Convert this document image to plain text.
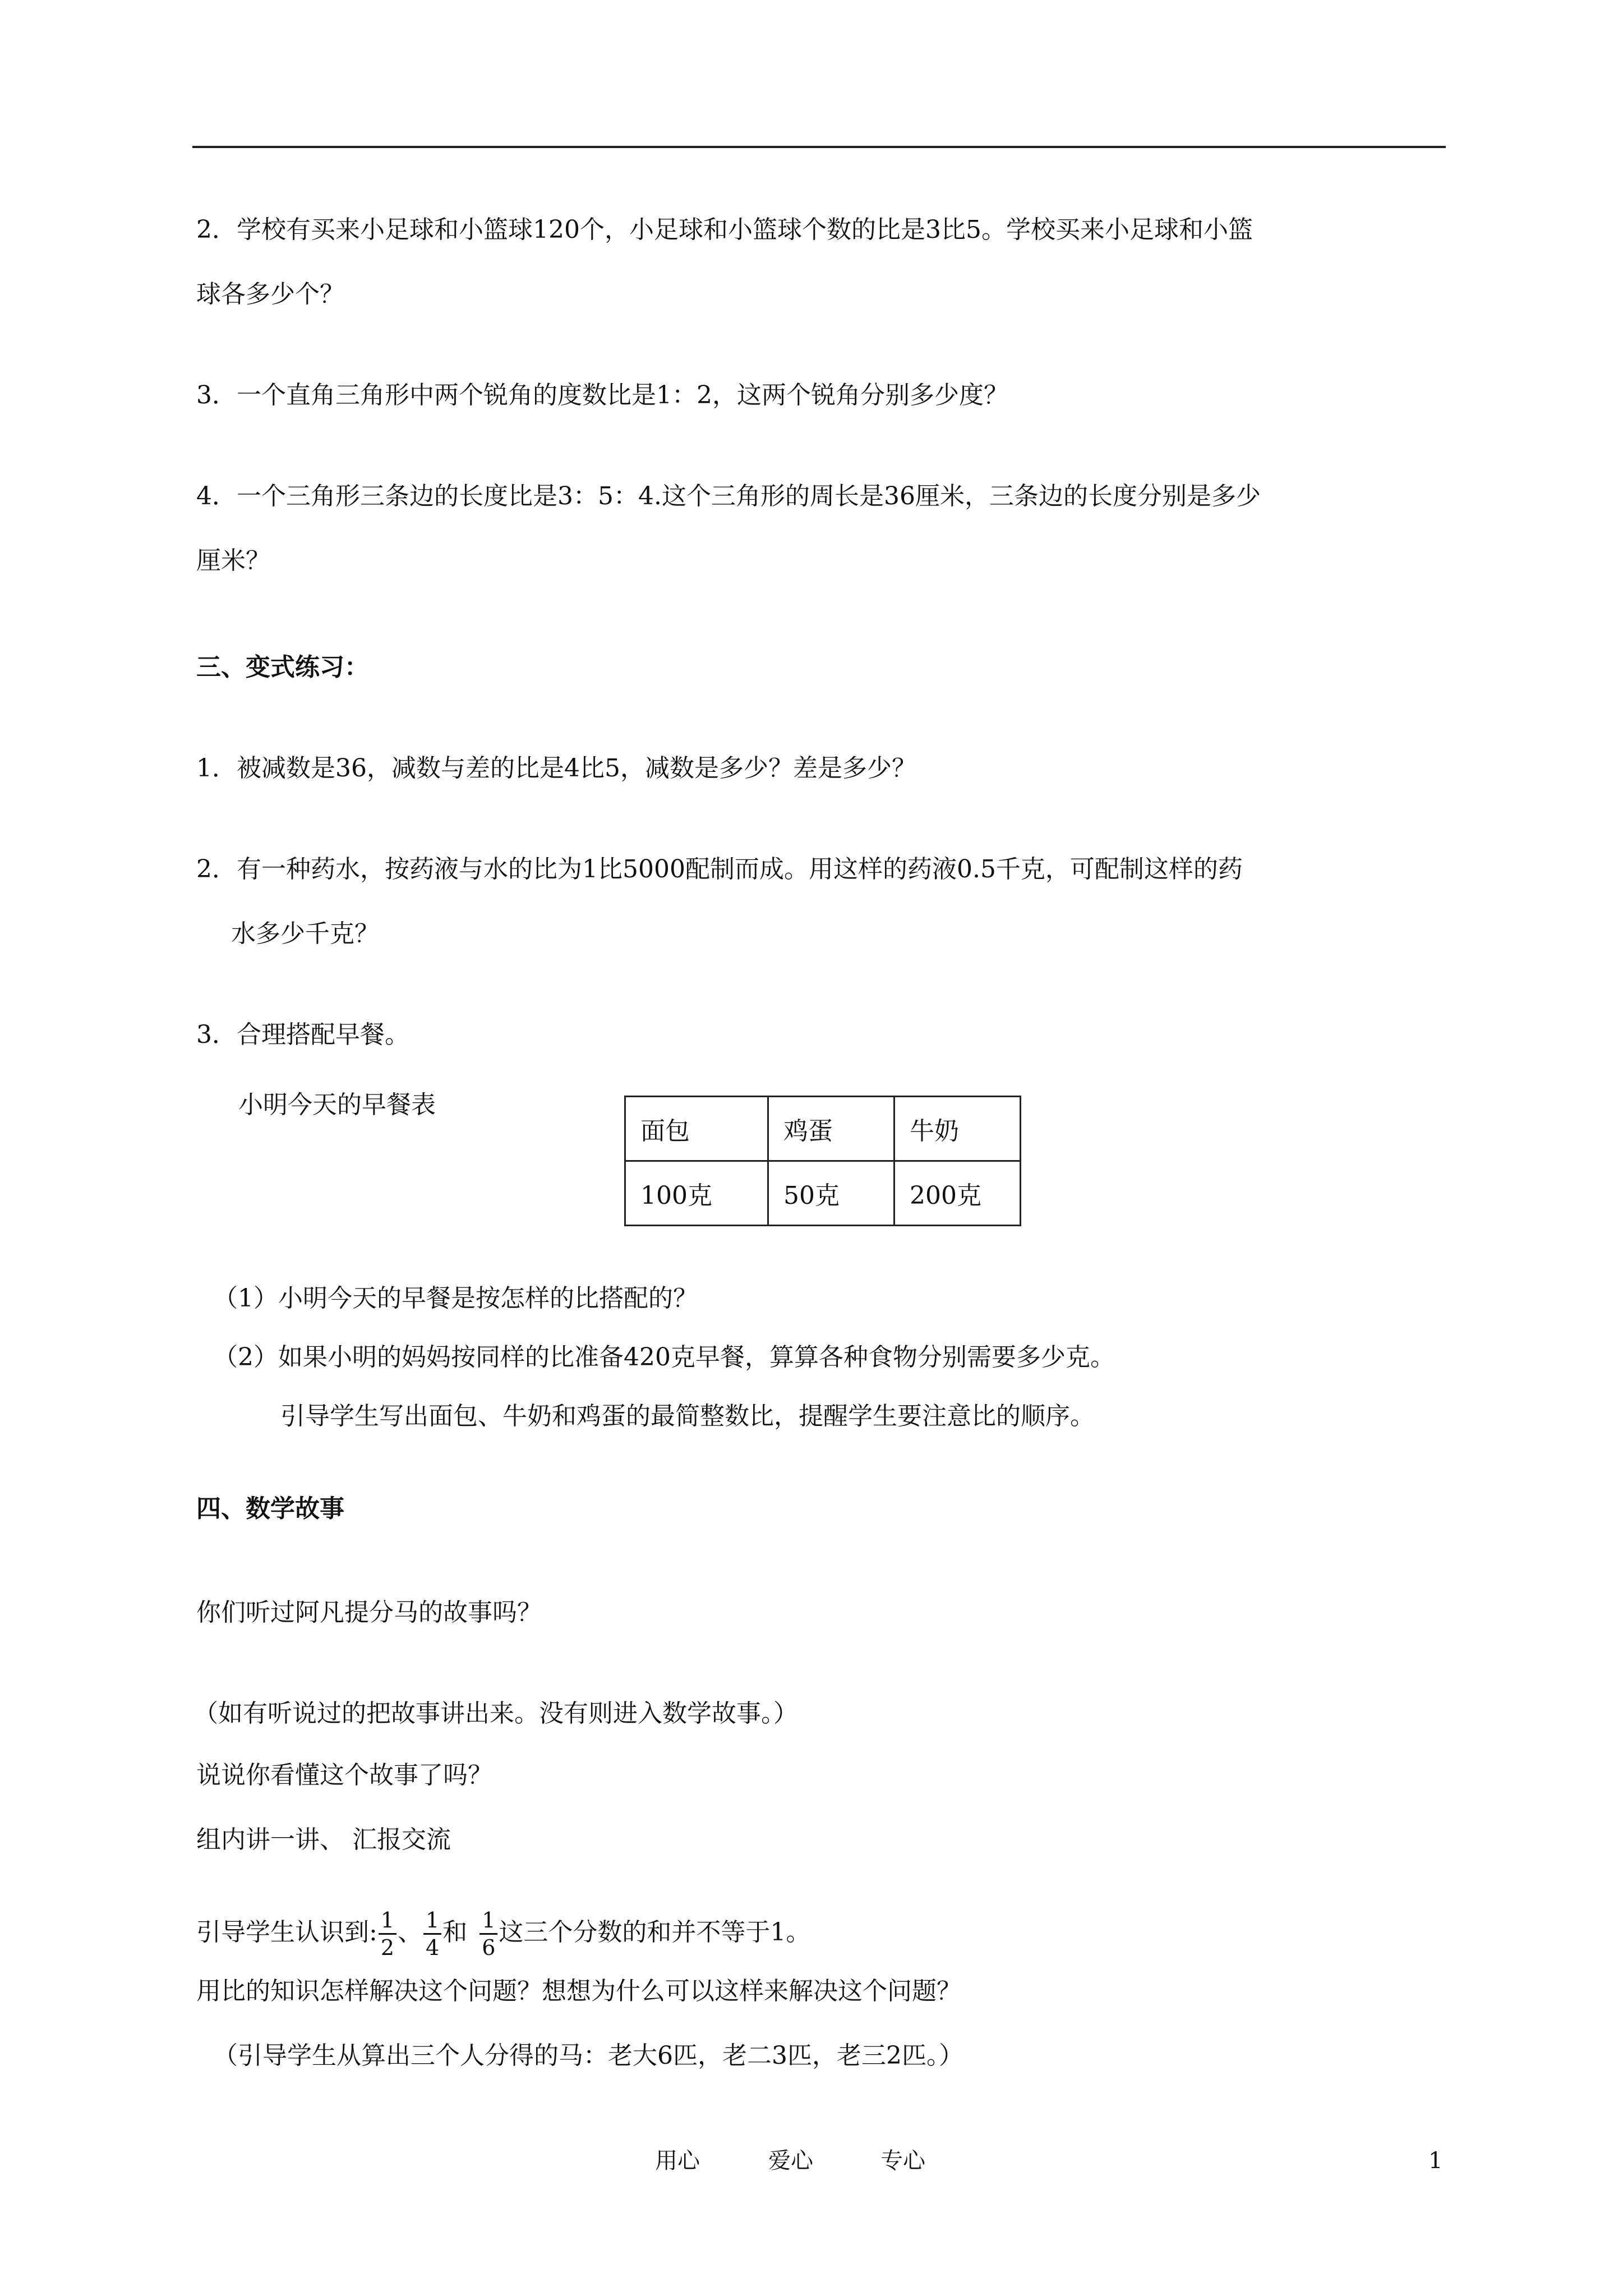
2．学校有买来小足球和小篮球120个，小足球和小篮球个数的比是3比5。学校买来小足球和小篮
球各多少个？
3．一个直角三角形中两个锐角的度数比是1：2，这两个锐角分别多少度？
4．一个三角形三条边的长度比是3：5：4.这个三角形的周长是36厘米，三条边的长度分别是多少
厘米？
三、变式练习：
1．被减数是36，减数与差的比是4比5，减数是多少？差是多少？
2．有一种药水，按药液与水的比为1比5000配制而成。用这样的药液0.5千克，可配制这样的药
水多少千克？
3．合理搭配早餐。
小明今天的早餐表
面包	鸡蛋	牛奶
100克	50克	200克
（1）小明今天的早餐是按怎样的比搭配的？
（2）如果小明的妈妈按同样的比准备420克早餐，算算各种食物分别需要多少克。
引导学生写出面包、牛奶和鸡蛋的最简整数比，提醒学生要注意比的顺序。
四、数学故事
你们听过阿凡提分马的故事吗？
（如有听说过的把故事讲出来。没有则进入数学故事。）
说说你看懂这个故事了吗？
组内讲一讲、 汇报交流
引导学生认识到: $\frac{1}{2}$ 、 $\frac{1}{4}$ 和 $\frac{1}{6}$ 这三个分数的和并不等于1。
用比的知识怎样解决这个问题？想想为什么可以这样来解决这个问题？
（引导学生从算出三个人分得的马：老大6匹，老二3匹，老三2匹。）
用心	爱心	专心	1
